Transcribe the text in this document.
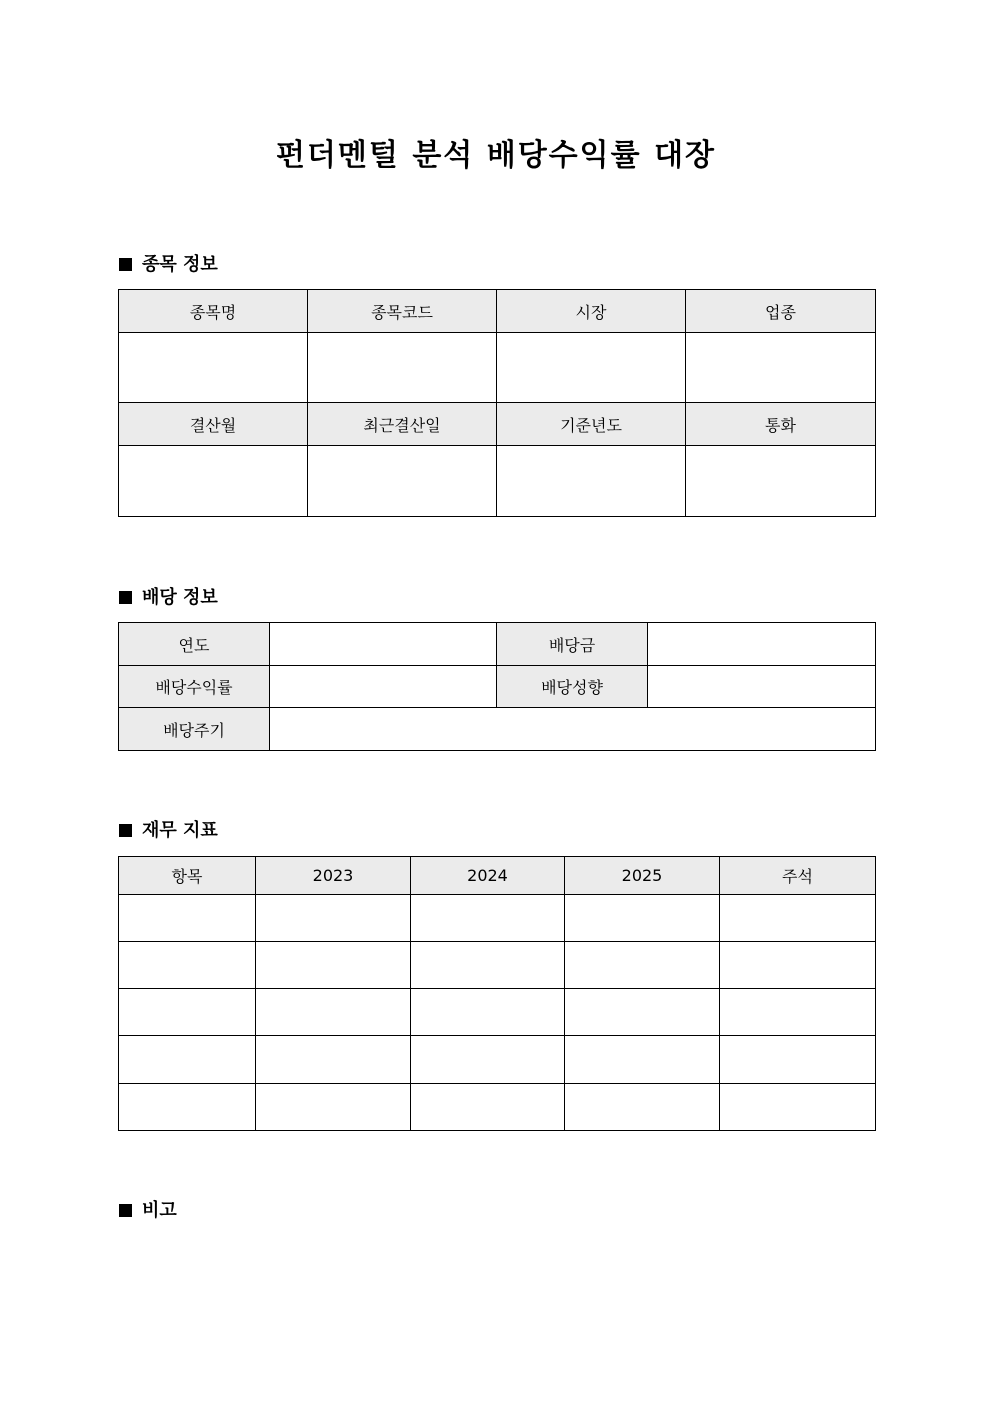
펀더멘털 분석 배당수익률 대장
종목 정보
종목명	종목코드	시장	업종

결산월	최근결산일	기준년도	통화

배당 정보
연도		배당금	
배당수익률		배당성향	
배당주기			
재무 지표
항목	2023	2024	2025	주석

비고
